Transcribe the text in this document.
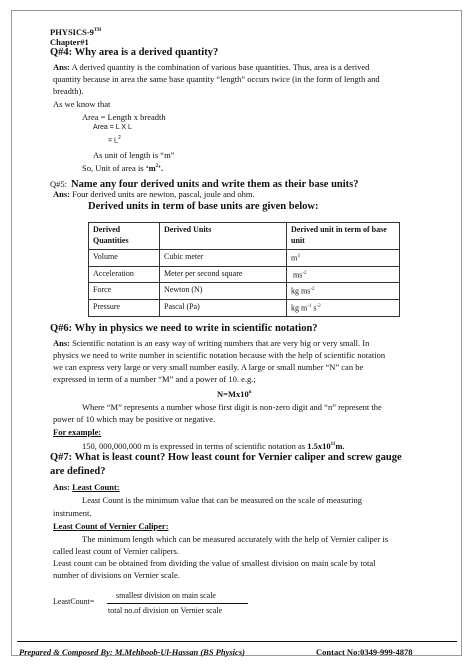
PHYSICS-9TH
Chapter#1
Q#4: Why area is a derived quantity?
Ans: A derived quantity is the combination of various base quantities. Thus, area is a derived
quantity because in area the same base quantity “length” occurs twice (in the form of length and
breadth).
As we know that
Area = Length x breadth
Area = L X L
= $L^2$
As unit of length is “m”
So, Unit of area is ‘$m^2$’.
Q#5: Name any four derived units and write them as their base units?
Ans: Four derived units are newton, pascal, joule and ohm.
Derived units in term of base units are given below:
Derived Quantities	Derived Units	Derived unit in term of base unit
Volume	Cubic meter	$m^3$
Acceleration	Meter per second square	$ms^{-2}$
Force	Newton (N)	kg $ms^{-2}$
Pressure	Pascal (Pa)	kg $m^{-1}$ $s^{-2}$
Q#6: Why in physics we need to write in scientific notation?
Ans: Scientific notation is an easy way of writing numbers that are very big or very small. In
physics we need to write number in scientific notation because with the help of scientific notation
we can express very large or very small number easily. A large or small number “N” can be
expressed in term of a number “M” and a power of 10. e.g.;
$N=Mx10^n$
Where “M” represents a number whose first digit is non-zero digit and “n” represent the
power of 10 which may be positive or negative.
For example:
150, 000,000,000 m is expressed in terms of scientific notation as $1.5x10^{11}m$.
Q#7: What is least count? How least count for Vernier caliper and screw gauge
are defined?
Ans: Least Count:
Least Count is the minimum value that can be measured on the scale of measuring
instrument.
Least Count of Vernier Caliper:
The minimum length which can be measured accurately with the help of Vernier caliper is
called least count of Vernier calipers.
Least count can be obtained from dividing the value of smallest division on main scale by total
number of divisions on Vernier scale.
LeastCount=
smallest division on main scale
total no.of division on Vernier scale
Prepared & Composed By: M.Mehboob-Ul-Hassan (BS Physics)	Contact No:0349-999-4878
